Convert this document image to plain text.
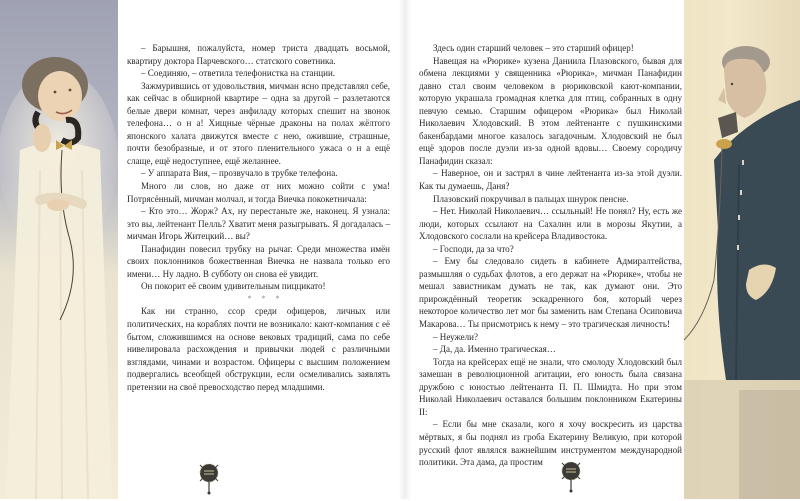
– Барышня, пожалуйста, номер триста двадцать восьмой, квартиру доктора Парчевского… статского советника.

– Соединяю, – ответила телефонистка на станции.

Зажмурившись от удовольствия, мичман ясно представлял себе, как сейчас в обширной квартире – одна за другой – разлетаются белые двери комнат, через анфиладу которых спешит на звонок телефона… о н а! Хищные чёрные драконы на полах жёлтого японского халата движутся вместе с нею, ожившие, страшные, почти безобразные, и от этого пленительного ужаса о н а ещё слаще, ещё недоступнее, ещё желаннее.

– У аппарата Вия, – прозвучало в трубке телефона.

Много ли слов, но даже от них можно сойти с ума! Потрясённый, мичман молчал, и тогда Виечка пококетничала:

– Кто это… Жорж? Ах, ну перестаньте же, наконец. Я узнала: это вы, лейтенант Пелль? Хватит меня разыгрывать. Я догадалась – мичман Игорь Житецкий… вы?

Панафидин повесил трубку на рычаг. Среди множества имён своих поклонников божественная Виечка не назвала только его имени… Ну ладно. В субботу он снова её увидит.

Он покорит её своим удивительным пиццикато!

* * *

Как ни странно, ссор среди офицеров, личных или политических, на кораблях почти не возникало: кают-компания с её бытом, сложившимся на основе вековых традиций, сама по себе нивелировала расхождения и привычки людей с различными взглядами, чинами и возрастом. Офицеры с высшим положением подвергались всеобщей обструкции, если осмеливались заявлять претензии на своё превосходство перед младшими.

Здесь один старший человек – это старший офицер!

Навещая на «Рюрике» кузена Даниила Плазовского, бывая для обмена лекциями у священника «Рюрика», мичман Панафидин давно стал своим человеком в рюриковской кают-компании, которую украшала громадная клетка для птиц, собранных в одну певчую семью. Старшим офицером «Рюрика» был Николай Николаевич Хлодовский. В этом лейтенанте с пушкинскими бакенбардами многое казалось загадочным. Хлодовский не был ещё здоров после дуэли из-за одной вдовы… Своему сородичу Панафидин сказал:

– Наверное, он и застрял в чине лейтенанта из-за этой дуэли. Как ты думаешь, Даня?

Плазовский покручивал в пальцах шнурок пенсне.

– Нет. Николай Николаевич… ссыльный! Не понял? Ну, есть же люди, которых ссылают на Сахалин или в морозы Якутии, а Хлодовского сослали на крейсера Владивостока.

– Господи, да за что?

– Ему бы следовало сидеть в кабинете Адмиралтейства, размышляя о судьбах флотов, а его держат на «Рюрике», чтобы не мешал завистникам думать не так, как думают они. Это прирождённый теоретик эскадренного боя, который через некоторое количество лет мог бы заменить нам Степана Осиповича Макарова… Ты присмотрись к нему – это трагическая личность!

– Неужели?

– Да, да. Именно трагическая…

Тогда на крейсерах ещё не знали, что смолоду Хлодовский был замешан в революционной агитации, его юность была связана дружбою с юностью лейтенанта П. П. Шмидта. Но при этом Николай Николаевич оставался большим поклонником Екатерины II:

– Если бы мне сказали, кого я хочу воскресить из царства мёртвых, я бы поднял из гроба Екатерину Великую, при которой русский флот являлся важнейшим инструментом международной политики. Эта дама, да простим
